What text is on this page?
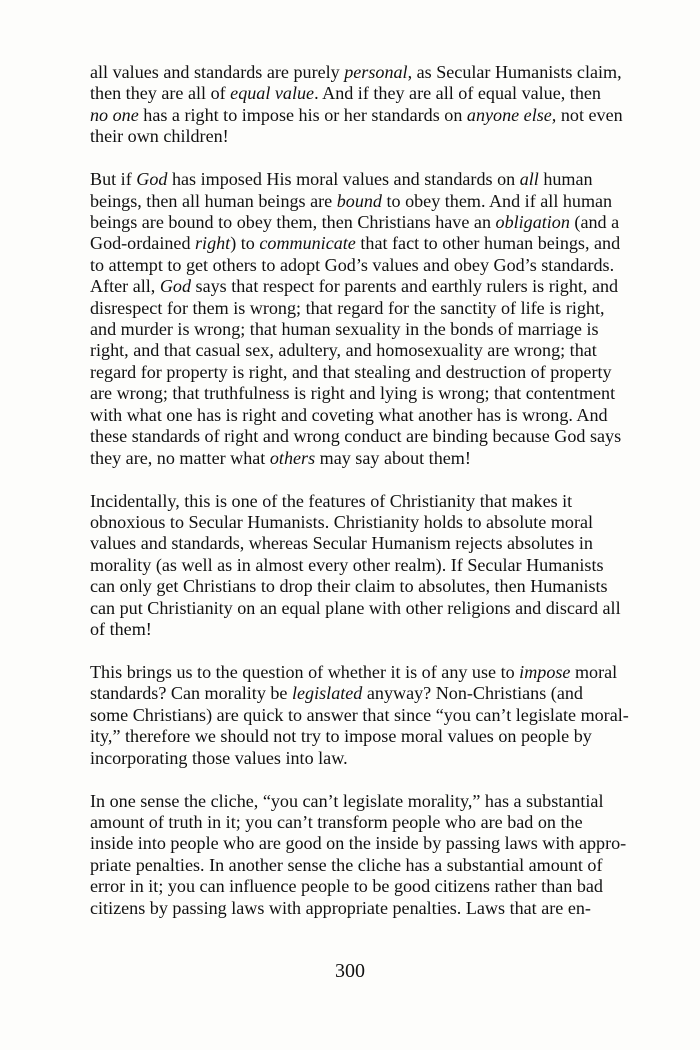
all values and standards are purely personal, as Secular Humanists claim,
then they are all of equal value. And if they are all of equal value, then
no one has a right to impose his or her standards on anyone else, not even
their own children!

But if God has imposed His moral values and standards on all human
beings, then all human beings are bound to obey them. And if all human
beings are bound to obey them, then Christians have an obligation (and a
God-ordained right) to communicate that fact to other human beings, and
to attempt to get others to adopt God’s values and obey God’s standards.
After all, God says that respect for parents and earthly rulers is right, and
disrespect for them is wrong; that regard for the sanctity of life is right,
and murder is wrong; that human sexuality in the bonds of marriage is
right, and that casual sex, adultery, and homosexuality are wrong; that
regard for property is right, and that stealing and destruction of property
are wrong; that truthfulness is right and lying is wrong; that contentment
with what one has is right and coveting what another has is wrong. And
these standards of right and wrong conduct are binding because God says
they are, no matter what others may say about them!

Incidentally, this is one of the features of Christianity that makes it
obnoxious to Secular Humanists. Christianity holds to absolute moral
values and standards, whereas Secular Humanism rejects absolutes in
morality (as well as in almost every other realm). If Secular Humanists
can only get Christians to drop their claim to absolutes, then Humanists
can put Christianity on an equal plane with other religions and discard all
of them!

This brings us to the question of whether it is of any use to impose moral
standards? Can morality be legislated anyway? Non-Christians (and
some Christians) are quick to answer that since “you can’t legislate moral-
ity,” therefore we should not try to impose moral values on people by
incorporating those values into law.

In one sense the cliche, “you can’t legislate morality,” has a substantial
amount of truth in it; you can’t transform people who are bad on the
inside into people who are good on the inside by passing laws with appro-
priate penalties. In another sense the cliche has a substantial amount of
error in it; you can influence people to be good citizens rather than bad
citizens by passing laws with appropriate penalties. Laws that are en-

300
